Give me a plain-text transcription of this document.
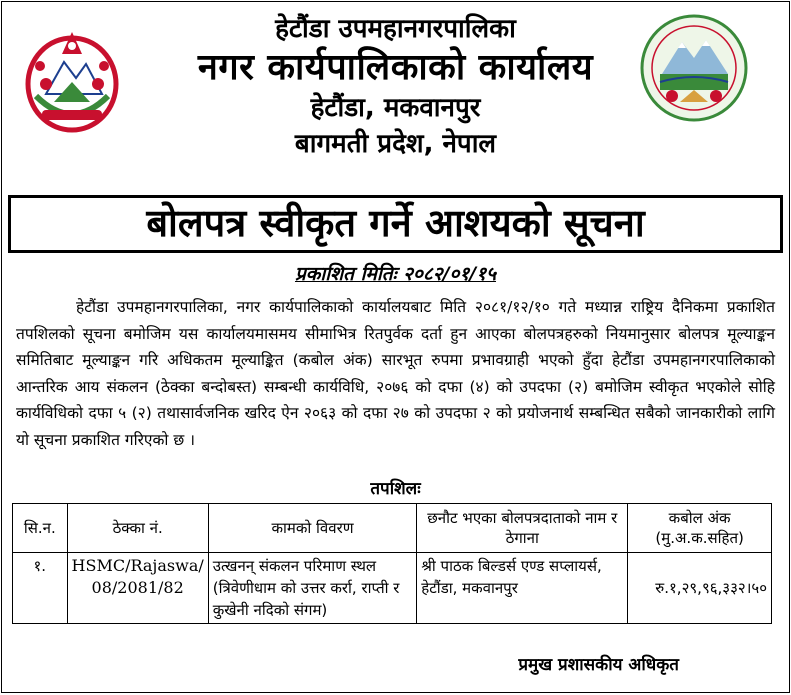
हेटौंडा उपमहानगरपालिका
नगर कार्यपालिकाको कार्यालय
हेटौंडा, मकवानपुर
बागमती प्रदेश, नेपाल
बोलपत्र स्वीकृत गर्ने आशयको सूचना
प्रकाशित मितिः २०८२/०१/१५
हेटौंडा उपमहानगरपालिका, नगर कार्यपालिकाको कार्यालयबाट मिति २०८१/१२/१० गते मध्यान्न राष्ट्रिय दैनिकमा प्रकाशित तपशिलको सूचना बमोजिम यस कार्यालयमासमय सीमाभित्र रितपुर्वक दर्ता हुन आएका बोलपत्रहरुको नियमानुसार बोलपत्र मूल्याङ्कन समितिबाट मूल्याङ्कन गरि अधिकतम मूल्याङ्कित (कबोल अंक) सारभूत रुपमा प्रभावग्राही भएको हुँदा हेटौंडा उपमहानगरपालिकाको आन्तरिक आय संकलन (ठेक्का बन्दोबस्त) सम्बन्धी कार्यविधि, २०७६ को दफा (४) को उपदफा (२) बमोजिम स्वीकृत भएकोले सोहि कार्यविधिको दफा ५ (२) तथासार्वजनिक खरिद ऐन २०६३ को दफा २७ को उपदफा २ को प्रयोजनार्थ सम्बन्धित सबैको जानकारीको लागि यो सूचना प्रकाशित गरिएको छ ।
तपशिलः
सि.न.	ठेक्का नं.	कामको विवरण	छनौट भएका बोलपत्रदाताको नाम र ठेगाना	कबोल अंक (मु.अ.क.सहित)
१.	HSMC/Rajaswa/ 08/2081/82	उत्खनन् संकलन परिमाण स्थल (त्रिवेणीधाम को उत्तर कर्रा, राप्ती र कुखेनी नदिको संगम)	श्री पाठक बिल्डर्स एण्ड सप्लायर्स, हेटौंडा, मकवानपुर	रु.१,२९,९६,३३२।५०
प्रमुख प्रशासकीय अधिकृत
